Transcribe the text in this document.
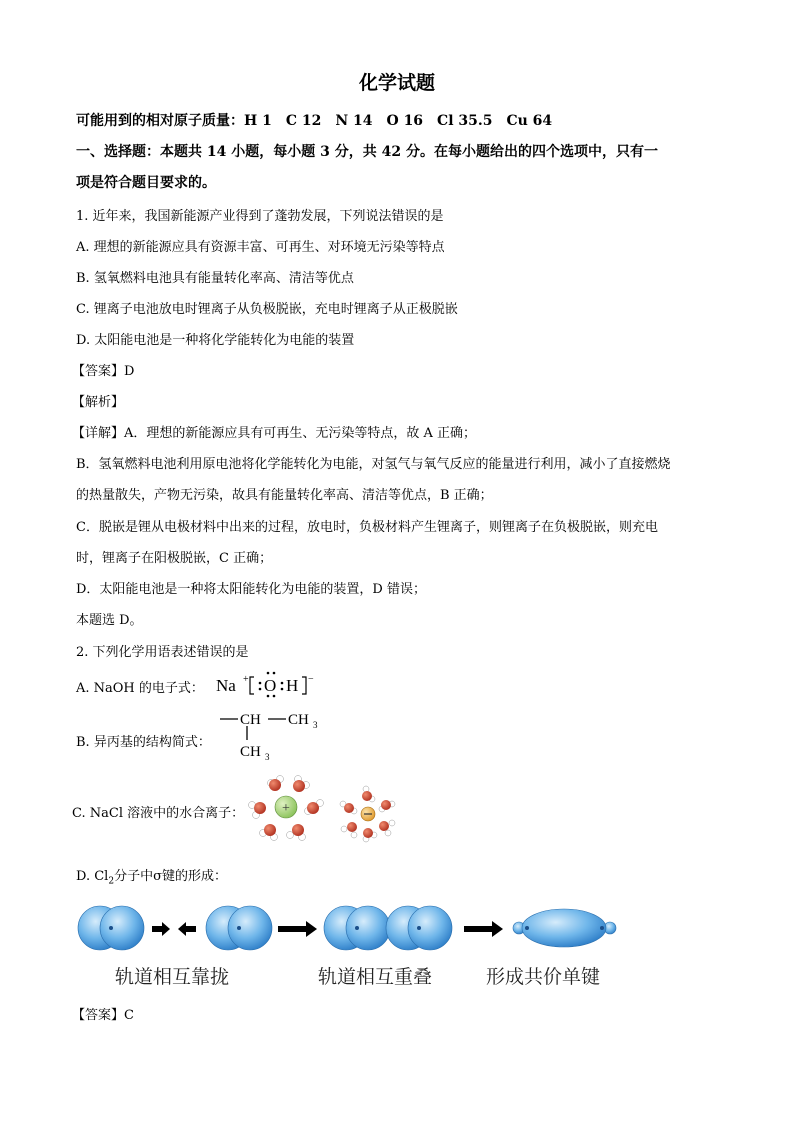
化学试题
可能用到的相对原子质量：H 1　C 12　N 14　O 16　Cl 35.5　Cu 64
一、选择题：本题共 14 小题，每小题 3 分，共 42 分。在每小题给出的四个选项中，只有一
项是符合题目要求的。
1. 近年来，我国新能源产业得到了蓬勃发展，下列说法错误的是
A. 理想的新能源应具有资源丰富、可再生、对环境无污染等特点
B. 氢氧燃料电池具有能量转化率高、清洁等优点
C. 锂离子电池放电时锂离子从负极脱嵌，充电时锂离子从正极脱嵌
D. 太阳能电池是一种将化学能转化为电能的装置
【答案】D
【解析】
【详解】A．理想的新能源应具有可再生、无污染等特点，故 A 正确；
B．氢氧燃料电池利用原电池将化学能转化为电能，对氢气与氧气反应的能量进行利用，减小了直接燃烧
的热量散失，产物无污染，故具有能量转化率高、清洁等优点，B 正确；
C．脱嵌是锂从电极材料中出来的过程，放电时，负极材料产生锂离子，则锂离子在负极脱嵌，则充电
时，锂离子在阳极脱嵌，C 正确；
D．太阳能电池是一种将太阳能转化为电能的装置，D 错误；
本题选 D。
2. 下列化学用语表述错误的是
A. NaOH 的电子式： Na + O H −
B. 异丙基的结构简式：
CH CH 3
CH 3
C. NaCl 溶液中的水合离子：	+
D. $Cl_2$分子中σ键的形成：
轨道相互靠拢	轨道相互重叠	形成共价单键
【答案】C
